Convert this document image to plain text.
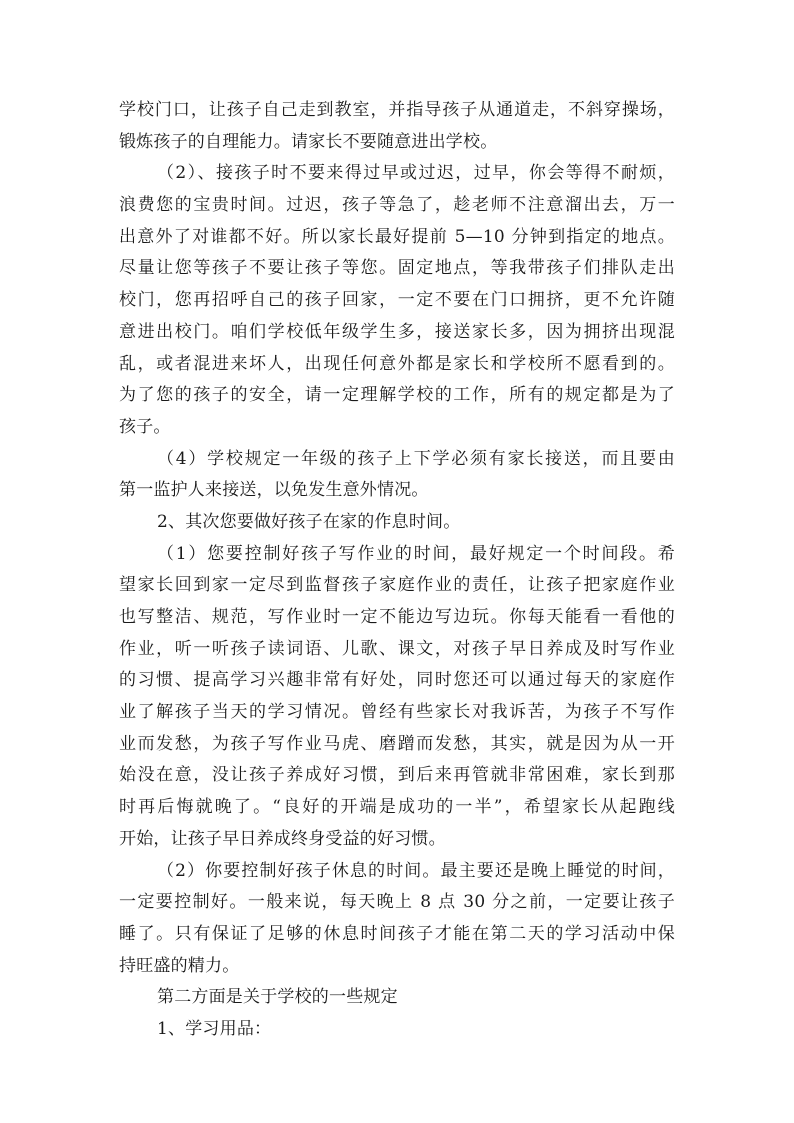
学校门口，让孩子自己走到教室，并指导孩子从通道走，不斜穿操场，
锻炼孩子的自理能力。请家长不要随意进出学校。
（2）、接孩子时不要来得过早或过迟，过早，你会等得不耐烦，
浪费您的宝贵时间。过迟，孩子等急了，趁老师不注意溜出去，万一
出意外了对谁都不好。所以家长最好提前 5—10 分钟到指定的地点。
尽量让您等孩子不要让孩子等您。固定地点，等我带孩子们排队走出
校门，您再招呼自己的孩子回家，一定不要在门口拥挤，更不允许随
意进出校门。咱们学校低年级学生多，接送家长多，因为拥挤出现混
乱，或者混进来坏人，出现任何意外都是家长和学校所不愿看到的。
为了您的孩子的安全，请一定理解学校的工作，所有的规定都是为了
孩子。
（4）学校规定一年级的孩子上下学必须有家长接送，而且要由
第一监护人来接送，以免发生意外情况。
2、其次您要做好孩子在家的作息时间。
（1）您要控制好孩子写作业的时间，最好规定一个时间段。希
望家长回到家一定尽到监督孩子家庭作业的责任，让孩子把家庭作业
也写整洁、规范，写作业时一定不能边写边玩。你每天能看一看他的
作业，听一听孩子读词语、儿歌、课文，对孩子早日养成及时写作业
的习惯、提高学习兴趣非常有好处，同时您还可以通过每天的家庭作
业了解孩子当天的学习情况。曾经有些家长对我诉苦，为孩子不写作
业而发愁，为孩子写作业马虎、磨蹭而发愁，其实，就是因为从一开
始没在意，没让孩子养成好习惯，到后来再管就非常困难，家长到那
时再后悔就晚了。“良好的开端是成功的一半”，希望家长从起跑线
开始，让孩子早日养成终身受益的好习惯。
（2）你要控制好孩子休息的时间。最主要还是晚上睡觉的时间，
一定要控制好。一般来说，每天晚上 8 点 30 分之前，一定要让孩子
睡了。只有保证了足够的休息时间孩子才能在第二天的学习活动中保
持旺盛的精力。
第二方面是关于学校的一些规定
1、学习用品：
